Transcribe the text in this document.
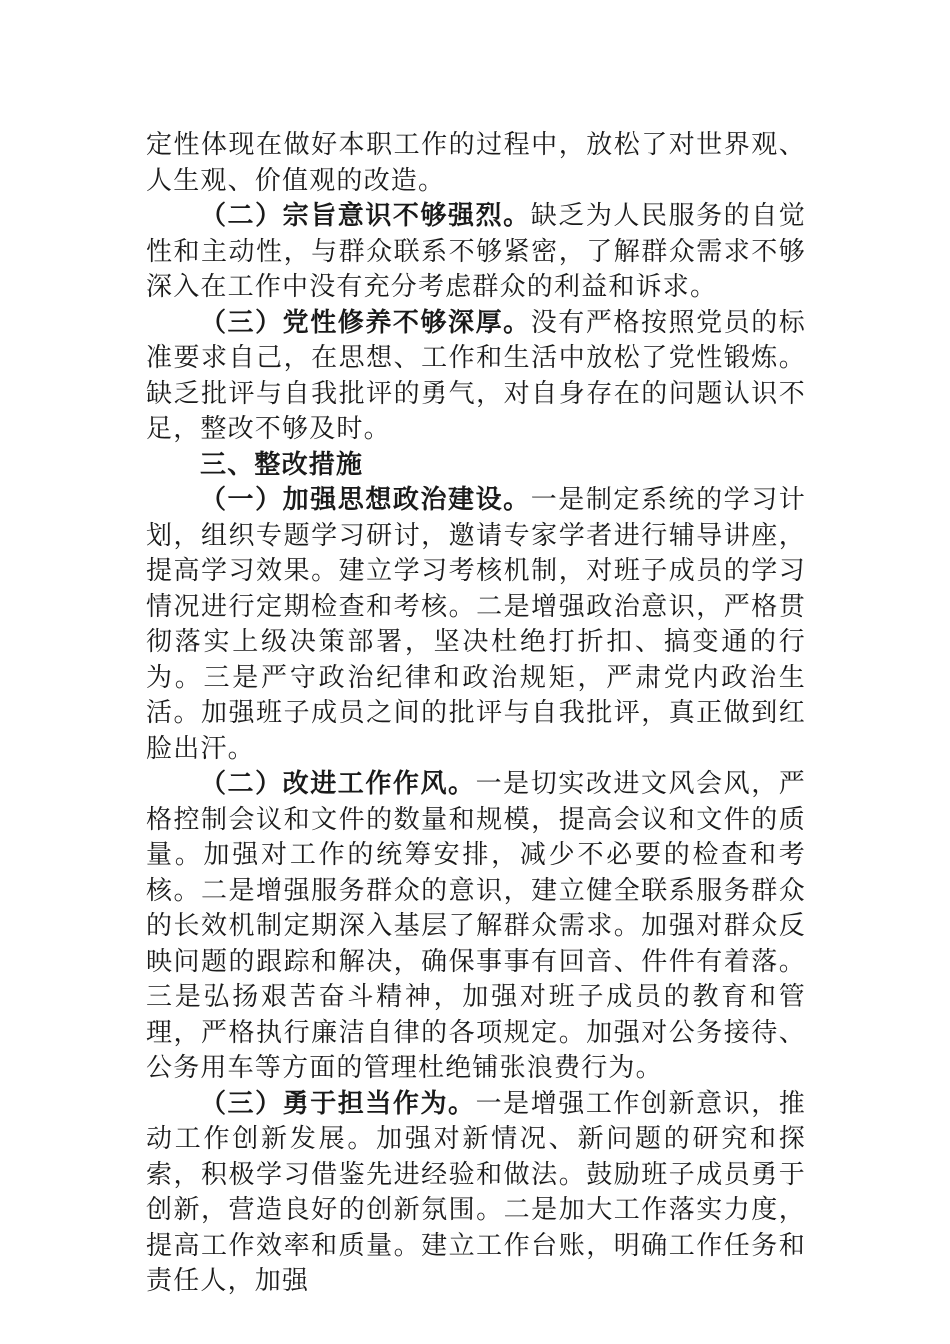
定性体现在做好本职工作的过程中，放松了对世界观、人生观、价值观的改造。

（二）宗旨意识不够强烈。缺乏为人民服务的自觉性和主动性，与群众联系不够紧密，了解群众需求不够深入在工作中没有充分考虑群众的利益和诉求。

（三）党性修养不够深厚。没有严格按照党员的标准要求自己，在思想、工作和生活中放松了党性锻炼。缺乏批评与自我批评的勇气，对自身存在的问题认识不足，整改不够及时。

三、整改措施

（一）加强思想政治建设。一是制定系统的学习计划，组织专题学习研讨，邀请专家学者进行辅导讲座，提高学习效果。建立学习考核机制，对班子成员的学习情况进行定期检查和考核。二是增强政治意识，严格贯彻落实上级决策部署，坚决杜绝打折扣、搞变通的行为。三是严守政治纪律和政治规矩，严肃党内政治生活。加强班子成员之间的批评与自我批评，真正做到红脸出汗。

（二）改进工作作风。一是切实改进文风会风，严格控制会议和文件的数量和规模，提高会议和文件的质量。加强对工作的统筹安排，减少不必要的检查和考核。二是增强服务群众的意识，建立健全联系服务群众的长效机制定期深入基层了解群众需求。加强对群众反映问题的跟踪和解决，确保事事有回音、件件有着落。三是弘扬艰苦奋斗精神，加强对班子成员的教育和管理，严格执行廉洁自律的各项规定。加强对公务接待、公务用车等方面的管理杜绝铺张浪费行为。

（三）勇于担当作为。一是增强工作创新意识，推动工作创新发展。加强对新情况、新问题的研究和探索，积极学习借鉴先进经验和做法。鼓励班子成员勇于创新，营造良好的创新氛围。二是加大工作落实力度，提高工作效率和质量。建立工作台账，明确工作任务和责任人，加强
